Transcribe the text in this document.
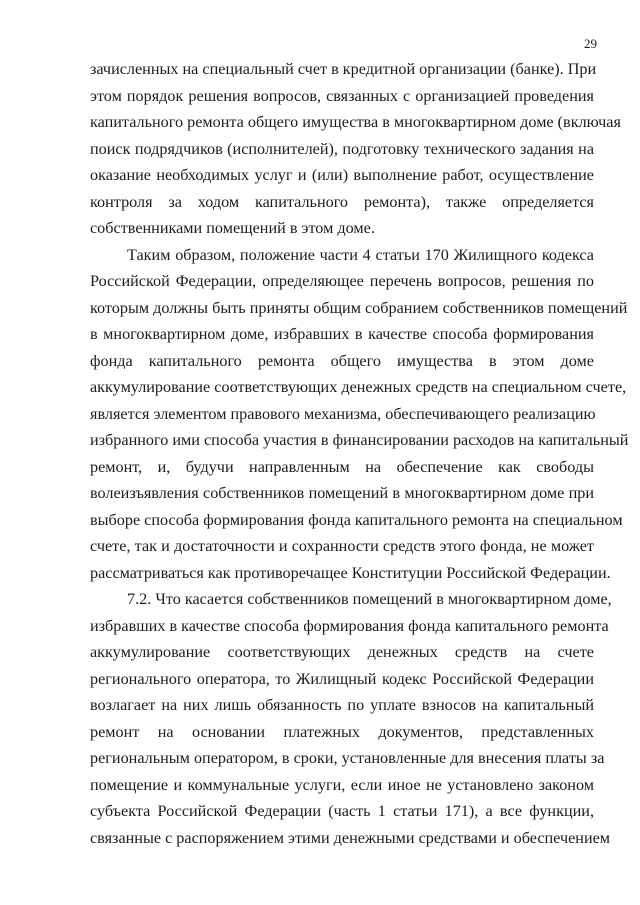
29

зачисленных на специальный счет в кредитной организации (банке). При
этом порядок решения вопросов, связанных с организацией проведения
капитального ремонта общего имущества в многоквартирном доме (включая
поиск подрядчиков (исполнителей), подготовку технического задания на
оказание необходимых услуг и (или) выполнение работ, осуществление
контроля за ходом капитального ремонта), также определяется
собственниками помещений в этом доме.

Таким образом, положение части 4 статьи 170 Жилищного кодекса
Российской Федерации, определяющее перечень вопросов, решения по
которым должны быть приняты общим собранием собственников помещений
в многоквартирном доме, избравших в качестве способа формирования
фонда капитального ремонта общего имущества в этом доме
аккумулирование соответствующих денежных средств на специальном счете,
является элементом правового механизма, обеспечивающего реализацию
избранного ими способа участия в финансировании расходов на капитальный
ремонт, и, будучи направленным на обеспечение как свободы
волеизъявления собственников помещений в многоквартирном доме при
выборе способа формирования фонда капитального ремонта на специальном
счете, так и достаточности и сохранности средств этого фонда, не может
рассматриваться как противоречащее Конституции Российской Федерации.

7.2. Что касается собственников помещений в многоквартирном доме,
избравших в качестве способа формирования фонда капитального ремонта
аккумулирование соответствующих денежных средств на счете
регионального оператора, то Жилищный кодекс Российской Федерации
возлагает на них лишь обязанность по уплате взносов на капитальный
ремонт на основании платежных документов, представленных
региональным оператором, в сроки, установленные для внесения платы за
помещение и коммунальные услуги, если иное не установлено законом
субъекта Российской Федерации (часть 1 статьи 171), а все функции,
связанные с распоряжением этими денежными средствами и обеспечением
